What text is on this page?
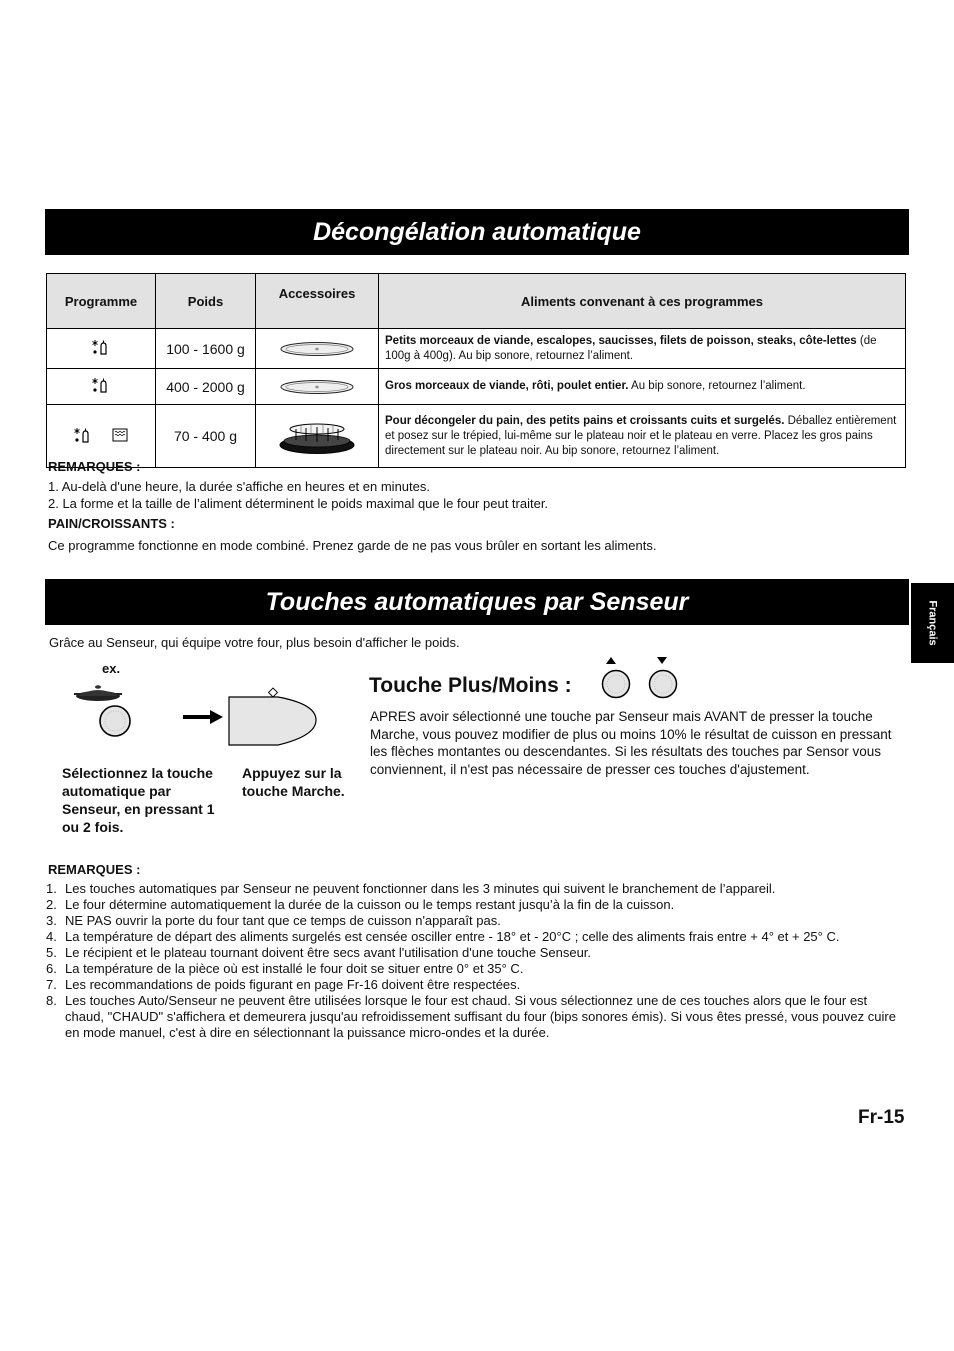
Décongélation automatique
Programme	Poids	Accessoires	Aliments convenant à ces programmes
	100 - 1600 g		Petits morceaux de viande, escalopes, saucisses, filets de poisson, steaks, côte-lettes (de 100g à 400g). Au bip sonore, retournez l’aliment.
	400 - 2000 g		Gros morceaux de viande, rôti, poulet entier. Au bip sonore, retournez l’aliment.

	70 - 400 g		Pour décongeler du pain, des petits pains et croissants cuits et surgelés. Déballez entièrement et posez sur le trépied, lui-même sur le plateau noir et le plateau en verre. Placez les gros pains directement sur le plateau noir. Au bip sonore, retournez l’aliment.
REMARQUES :
1. Au-delà d'une heure, la durée s'affiche en heures et en minutes.
2. La forme et la taille de l’aliment déterminent le poids maximal que le four peut traiter.
PAIN/CROISSANTS :
Ce programme fonctionne en mode combiné. Prenez garde de ne pas vous brûler en sortant les aliments.
Touches automatiques par Senseur	Français
Grâce au Senseur, qui équipe votre four, plus besoin d'afficher le poids.
ex.
Sélectionnez la touche automatique par Senseur, en pressant 1 ou 2 fois.
Appuyez sur la touche Marche.
Touche Plus/Moins :
APRES avoir sélectionné une touche par Senseur mais AVANT de presser la touche Marche, vous pouvez modifier de plus ou moins 10% le résultat de cuisson en pressant les flèches montantes ou descendantes. Si les résultats des touches par Sensor vous conviennent, il n'est pas nécessaire de presser ces touches d'ajustement.
REMARQUES :
1. Les touches automatiques par Senseur ne peuvent fonctionner dans les 3 minutes qui suivent le branchement de l’appareil.
2. Le four détermine automatiquement la durée de la cuisson ou le temps restant jusqu’à la fin de la cuisson.
3. NE PAS ouvrir la porte du four tant que ce temps de cuisson n'apparaît pas.
4. La température de départ des aliments surgelés est censée osciller entre - 18° et - 20°C ; celle des aliments frais entre + 4° et + 25° C.
5. Le récipient et le plateau tournant doivent être secs avant l'utilisation d'une touche Senseur.
6. La température de la pièce où est installé le four doit se situer entre 0° et 35° C.
7. Les recommandations de poids figurant en page Fr-16 doivent être respectées.
8. Les touches Auto/Senseur ne peuvent être utilisées lorsque le four est chaud. Si vous sélectionnez une de ces touches alors que le four est chaud, "CHAUD" s'affichera et demeurera jusqu'au refroidissement suffisant du four (bips sonores émis). Si vous êtes pressé, vous pouvez cuire en mode manuel, c'est à dire en sélectionnant la puissance micro-ondes et la durée.
Fr-15
